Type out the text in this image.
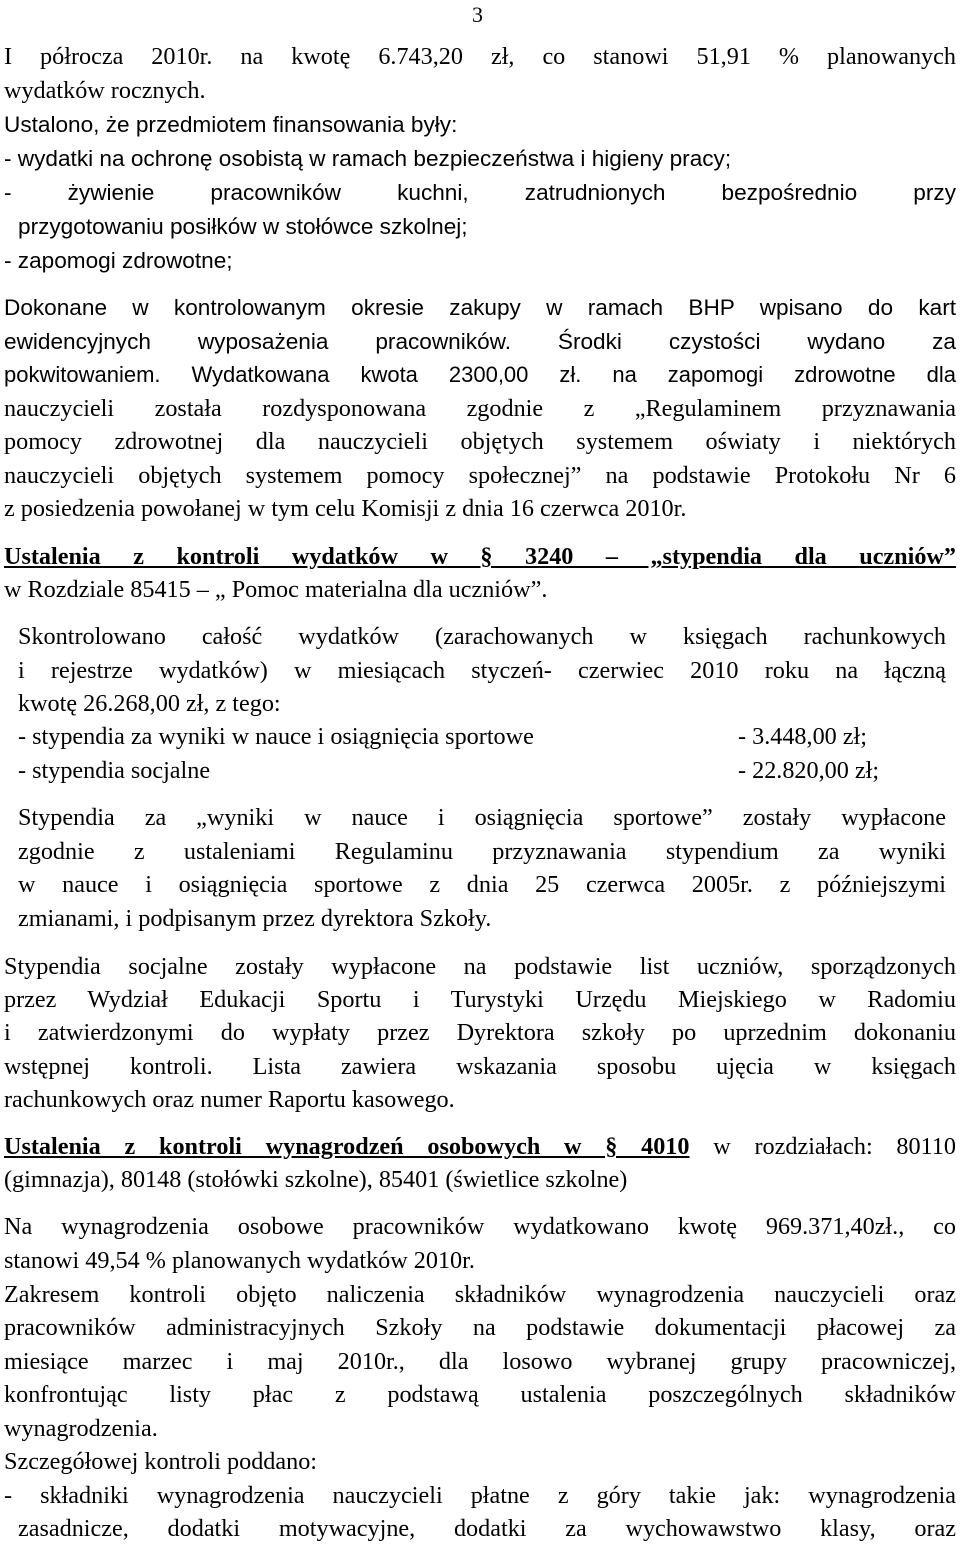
3
I półrocza 2010r. na kwotę 6.743,20 zł, co stanowi 51,91 % planowanych
wydatków rocznych.
Ustalono, że przedmiotem finansowania były:
- wydatki na ochronę osobistą w ramach bezpieczeństwa i higieny pracy;
- żywienie pracowników kuchni, zatrudnionych bezpośrednio przy
przygotowaniu posiłków w stołówce szkolnej;
- zapomogi zdrowotne;
Dokonane w kontrolowanym okresie zakupy w ramach BHP wpisano do kart
ewidencyjnych wyposażenia pracowników. Środki czystości wydano za
pokwitowaniem. Wydatkowana kwota 2300,00 zł. na zapomogi zdrowotne dla
nauczycieli została rozdysponowana zgodnie z „Regulaminem przyznawania
pomocy zdrowotnej dla nauczycieli objętych systemem oświaty i niektórych
nauczycieli objętych systemem pomocy społecznej” na podstawie Protokołu Nr 6
z posiedzenia powołanej w tym celu Komisji z dnia 16 czerwca 2010r.
Ustalenia z kontroli wydatków w § 3240 – „stypendia dla uczniów”
w Rozdziale 85415 – „ Pomoc materialna dla uczniów”.
Skontrolowano całość wydatków (zarachowanych w księgach rachunkowych
i rejestrze wydatków) w miesiącach styczeń- czerwiec 2010 roku na łączną
kwotę 26.268,00 zł, z tego:
- stypendia za wyniki w nauce i osiągnięcia sportowe	- 3.448,00 zł;
- stypendia socjalne	- 22.820,00 zł;
Stypendia za „wyniki w nauce i osiągnięcia sportowe” zostały wypłacone
zgodnie z ustaleniami Regulaminu przyznawania stypendium za wyniki
w nauce i osiągnięcia sportowe z dnia 25 czerwca 2005r. z późniejszymi
zmianami, i podpisanym przez dyrektora Szkoły.
Stypendia socjalne zostały wypłacone na podstawie list uczniów, sporządzonych
przez Wydział Edukacji Sportu i Turystyki Urzędu Miejskiego w Radomiu
i zatwierdzonymi do wypłaty przez Dyrektora szkoły po uprzednim dokonaniu
wstępnej kontroli. Lista zawiera wskazania sposobu ujęcia w księgach
rachunkowych oraz numer Raportu kasowego.
Ustalenia z kontroli wynagrodzeń osobowych w § 4010 w rozdziałach: 80110
(gimnazja), 80148 (stołówki szkolne), 85401 (świetlice szkolne)
Na wynagrodzenia osobowe pracowników wydatkowano kwotę 969.371,40zł., co
stanowi 49,54 % planowanych wydatków 2010r.
Zakresem kontroli objęto naliczenia składników wynagrodzenia nauczycieli oraz
pracowników administracyjnych Szkoły na podstawie dokumentacji płacowej za
miesiące marzec i maj 2010r., dla losowo wybranej grupy pracowniczej,
konfrontując listy płac z podstawą ustalenia poszczególnych składników
wynagrodzenia.
Szczegółowej kontroli poddano:
- składniki wynagrodzenia nauczycieli płatne z góry takie jak: wynagrodzenia
zasadnicze, dodatki motywacyjne, dodatki za wychowawstwo klasy, oraz
